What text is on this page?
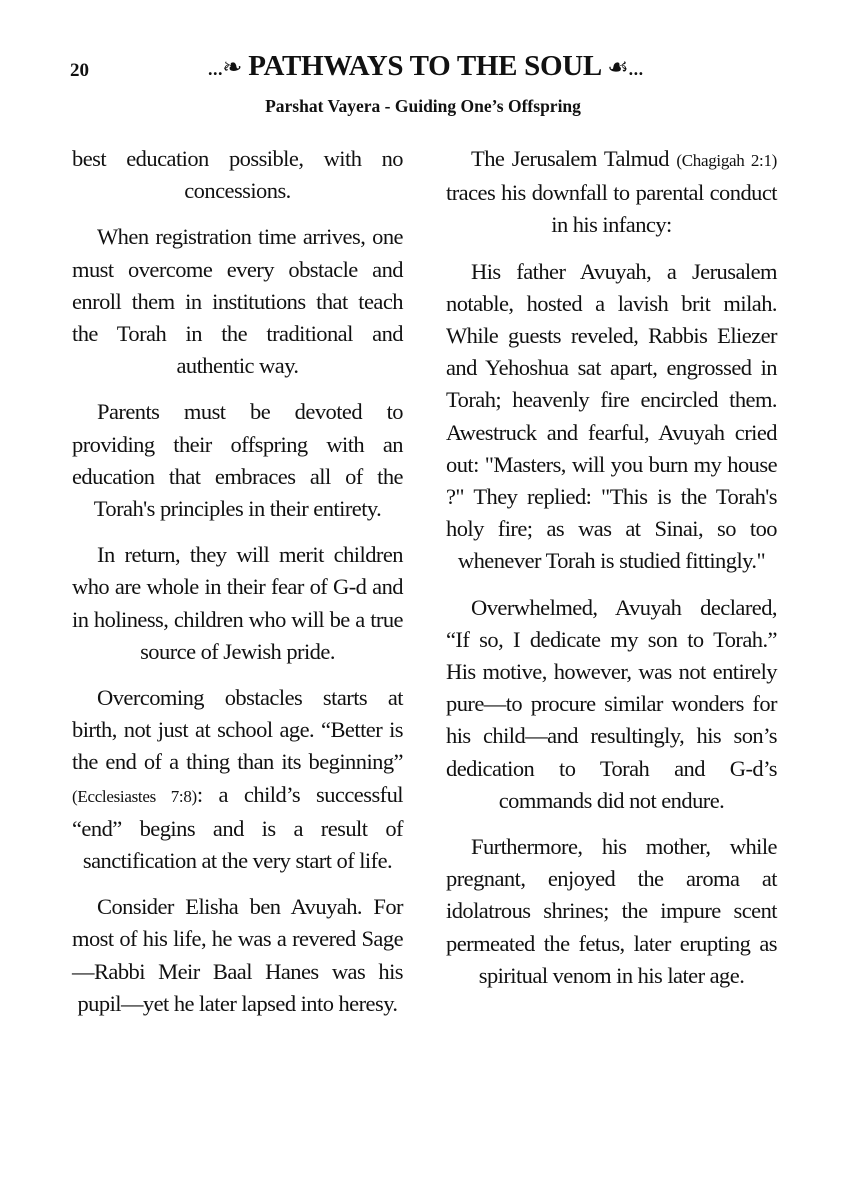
20	...❧ PATHWAYS TO THE SOUL ☙...
Parshat Vayera - Guiding One’s Offspring

best education possible, with no concessions.

When registration time arrives, one must overcome every obstacle and enroll them in institutions that teach the Torah in the traditional and authentic way.

Parents must be devoted to providing their offspring with an education that embraces all of the Torah's principles in their entirety.

In return, they will merit children who are whole in their fear of G-d and in holiness, children who will be a true source of Jewish pride.

Overcoming obstacles starts at birth, not just at school age. “Better is the end of a thing than its beginning” (Ecclesiastes 7:8): a child’s successful “end” begins and is a result of sanctification at the very start of life.

Consider Elisha ben Avuyah. For most of his life, he was a revered Sage—Rabbi Meir Baal Hanes was his pupil—yet he later lapsed into heresy.

The Jerusalem Talmud (Chagigah 2:1) traces his downfall to parental conduct in his infancy:

His father Avuyah, a Jerusalem notable, hosted a lavish brit milah. While guests reveled, Rabbis Eliezer and Yehoshua sat apart, engrossed in Torah; heavenly fire encircled them. Awestruck and fearful, Avuyah cried out: "Masters, will you burn my house ?" They replied: "This is the Torah's holy fire; as was at Sinai, so too whenever Torah is studied fittingly."

Overwhelmed, Avuyah declared, “If so, I dedicate my son to Torah.” His motive, however, was not entirely pure—to procure similar wonders for his child—and resultingly, his son’s dedication to Torah and G-d’s commands did not endure.

Furthermore, his mother, while pregnant, enjoyed the aroma at idolatrous shrines; the impure scent permeated the fetus, later erupting as spiritual venom in his later age.
